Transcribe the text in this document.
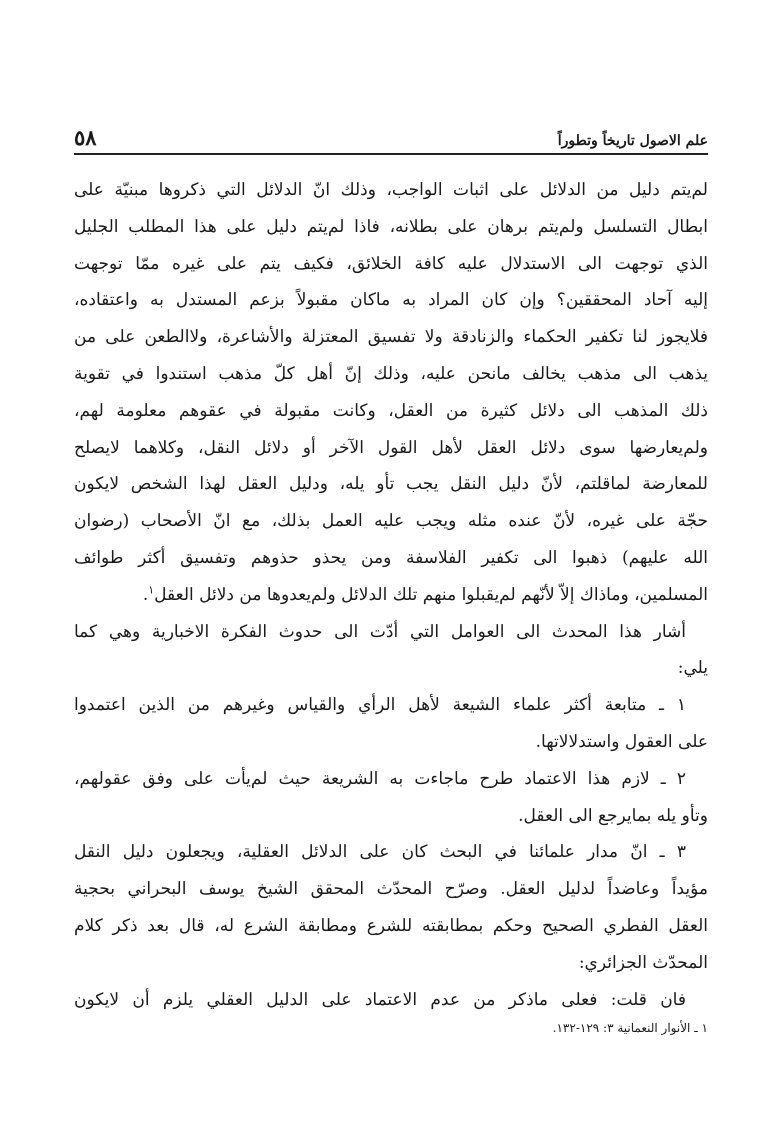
٥٨	علم الاصول تاريخاً وتطوراً
لم‌يتم دليل من الدلائل على اثبات الواجب، وذلك انّ الدلائل التي ذكروها مبنيّة على
ابطال التسلسل ولم‌يتم برهان على بطلانه، فاذا لم‌يتم دليل على هذا المطلب الجليل
الذي توجهت الى الاستدلال عليه كافة الخلائق، فكيف يتم على غيره ممّا توجهت
إليه آحاد المحققين؟ وإن كان المراد به ماكان مقبولاً بزعم المستدل به واعتقاده،
فلايجوز لنا تكفير الحكماء والزنادقة ولا تفسيق المعتزلة والأشاعرة، ولاالطعن على من
يذهب الى مذهب يخالف مانحن عليه، وذلك إنّ أهل كلّ مذهب استندوا في تقوية
ذلك المذهب الى دلائل كثيرة من العقل، وكانت مقبولة في عقوهم معلومة لهم،
ولم‌يعارضها سوى دلائل العقل لأهل القول الآخر أو دلائل النقل، وكلاهما لايصلح
للمعارضة لماقلتم، لأنّ دليل النقل يجب تأو يله، ودليل العقل لهذا الشخص لايكون
حجّة على غيره، لأنّ عنده مثله ويجب عليه العمل بذلك، مع انّ الأصحاب (رضوان
الله عليهم) ذهبوا الى تكفير الفلاسفة ومن يحذو حذوهم وتفسيق أكثر طوائف
المسلمين، وماذاك إلاّ لأنّهم لم‌يقبلوا منهم تلك الدلائل ولم‌يعدوها من دلائل العقل$^١$.
أشار هذا المحدث الى العوامل التي أدّت الى حدوث الفكرة الاخبارية وهي كما
يلي:
١ ـ متابعة أكثر علماء الشيعة لأهل الرأي والقياس وغيرهم من الذين اعتمدوا
على العقول واستدلالاتها.
٢ ـ لازم هذا الاعتماد طرح ماجاءت به الشريعة حيث لم‌يأت على وفق عقولهم،
وتأو يله بمايرجع الى العقل.
٣ ـ انّ مدار علمائنا في البحث كان على الدلائل العقلية، ويجعلون دليل النقل
مؤيداً وعاضداً لدليل العقل. وصرّح المحدّث المحقق الشيخ يوسف البحراني بحجية
العقل الفطري الصحيح وحكم بمطابقته للشرع ومطابقة الشرع له، قال بعد ذكر كلام
المحدّث الجزائري:
فان قلت: فعلى ماذكر من عدم الاعتماد على الدليل العقلي يلزم أن لايكون
١ ـ الأنوار النعمانية ٣: ١٢٩-١٣٢.
